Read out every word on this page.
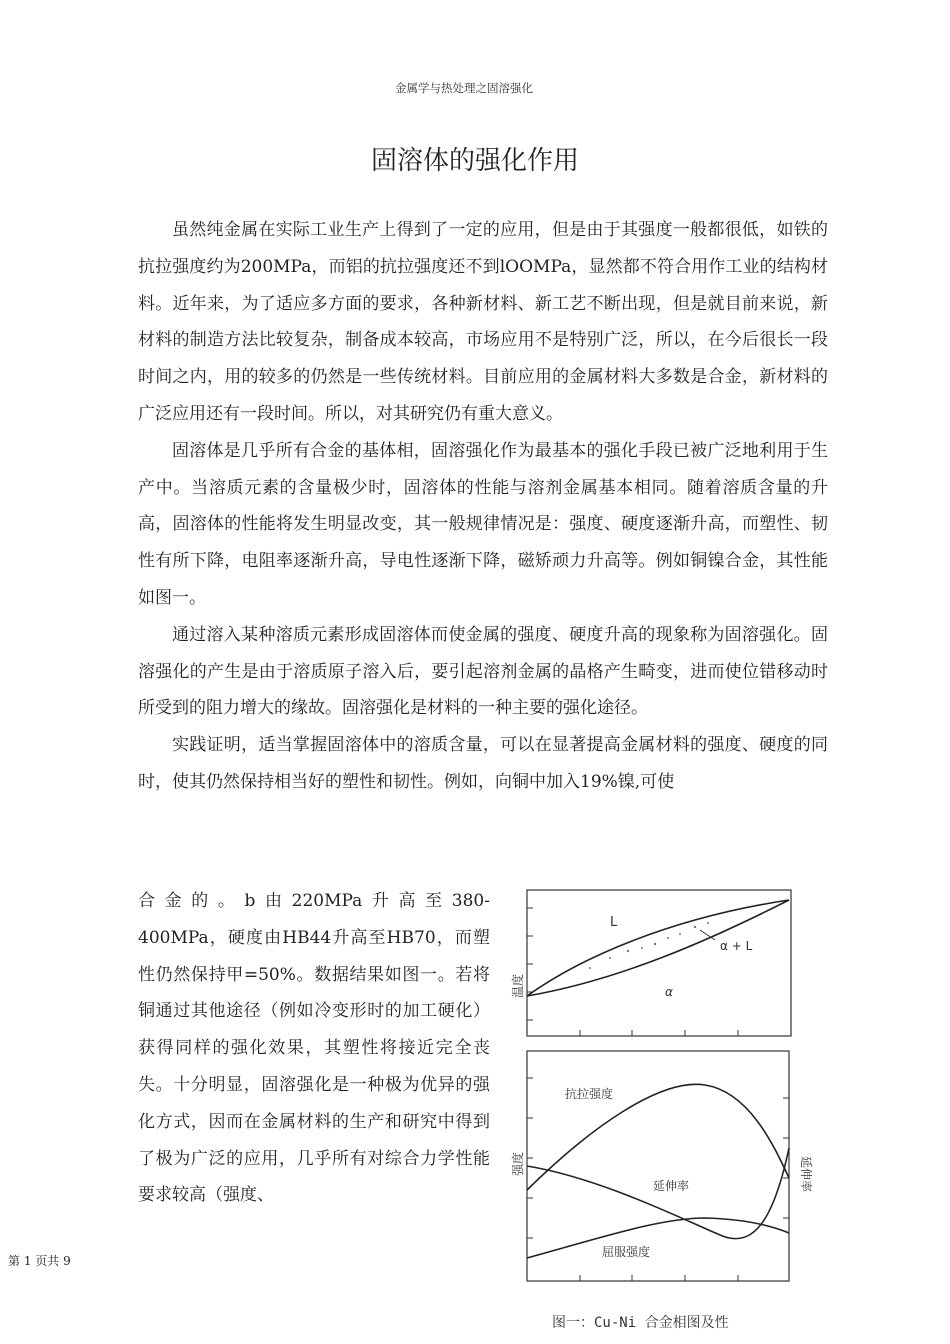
金属学与热处理之固溶强化
固溶体的强化作用

虽然纯金属在实际工业生产上得到了一定的应用，但是由于其强度一般都很低，如铁的抗拉强度约为200MPa，而铝的抗拉强度还不到lOOMPa，显然都不符合用作工业的结构材料。近年来，为了适应多方面的要求，各种新材料、新工艺不断出现，但是就目前来说，新材料的制造方法比较复杂，制备成本较高，市场应用不是特别广泛，所以，在今后很长一段时间之内，用的较多的仍然是一些传统材料。目前应用的金属材料大多数是合金，新材料的广泛应用还有一段时间。所以，对其研究仍有重大意义。

固溶体是几乎所有合金的基体相，固溶强化作为最基本的强化手段已被广泛地利用于生产中。当溶质元素的含量极少时，固溶体的性能与溶剂金属基本相同。随着溶质含量的升高，固溶体的性能将发生明显改变，其一般规律情况是：强度、硬度逐渐升高，而塑性、韧性有所下降，电阻率逐渐升高，导电性逐渐下降，磁矫顽力升高等。例如铜镍合金，其性能如图一。

通过溶入某种溶质元素形成固溶体而使金属的强度、硬度升高的现象称为固溶强化。固溶强化的产生是由于溶质原子溶入后，要引起溶剂金属的晶格产生畸变，进而使位错移动时所受到的阻力增大的缘故。固溶强化是材料的一种主要的强化途径。

实践证明，适当掌握固溶体中的溶质含量，可以在显著提高金属材料的强度、硬度的同时，使其仍然保持相当好的塑性和韧性。例如，向铜中加入19%镍,可使

合金的。b由220MPa升高至380-

400MPa，硬度由HB44升高至HB70，而塑性仍然保持甲=50%。数据结果如图一。若将铜通过其他途径（例如冷变形时的加工硬化）获得同样的强化效果，其塑性将接近完全丧失。十分明显，固溶强化是一种极为优异的强化方式，因而在金属材料的生产和研究中得到了极为广泛的应用，几乎所有对综合力学性能要求较高（强度、

L
α + L
α
温度
抗拉强度
延伸率
屈服强度
强度	延伸率
图一：Cu-Ni 合金相图及性
第 1 页共 9
